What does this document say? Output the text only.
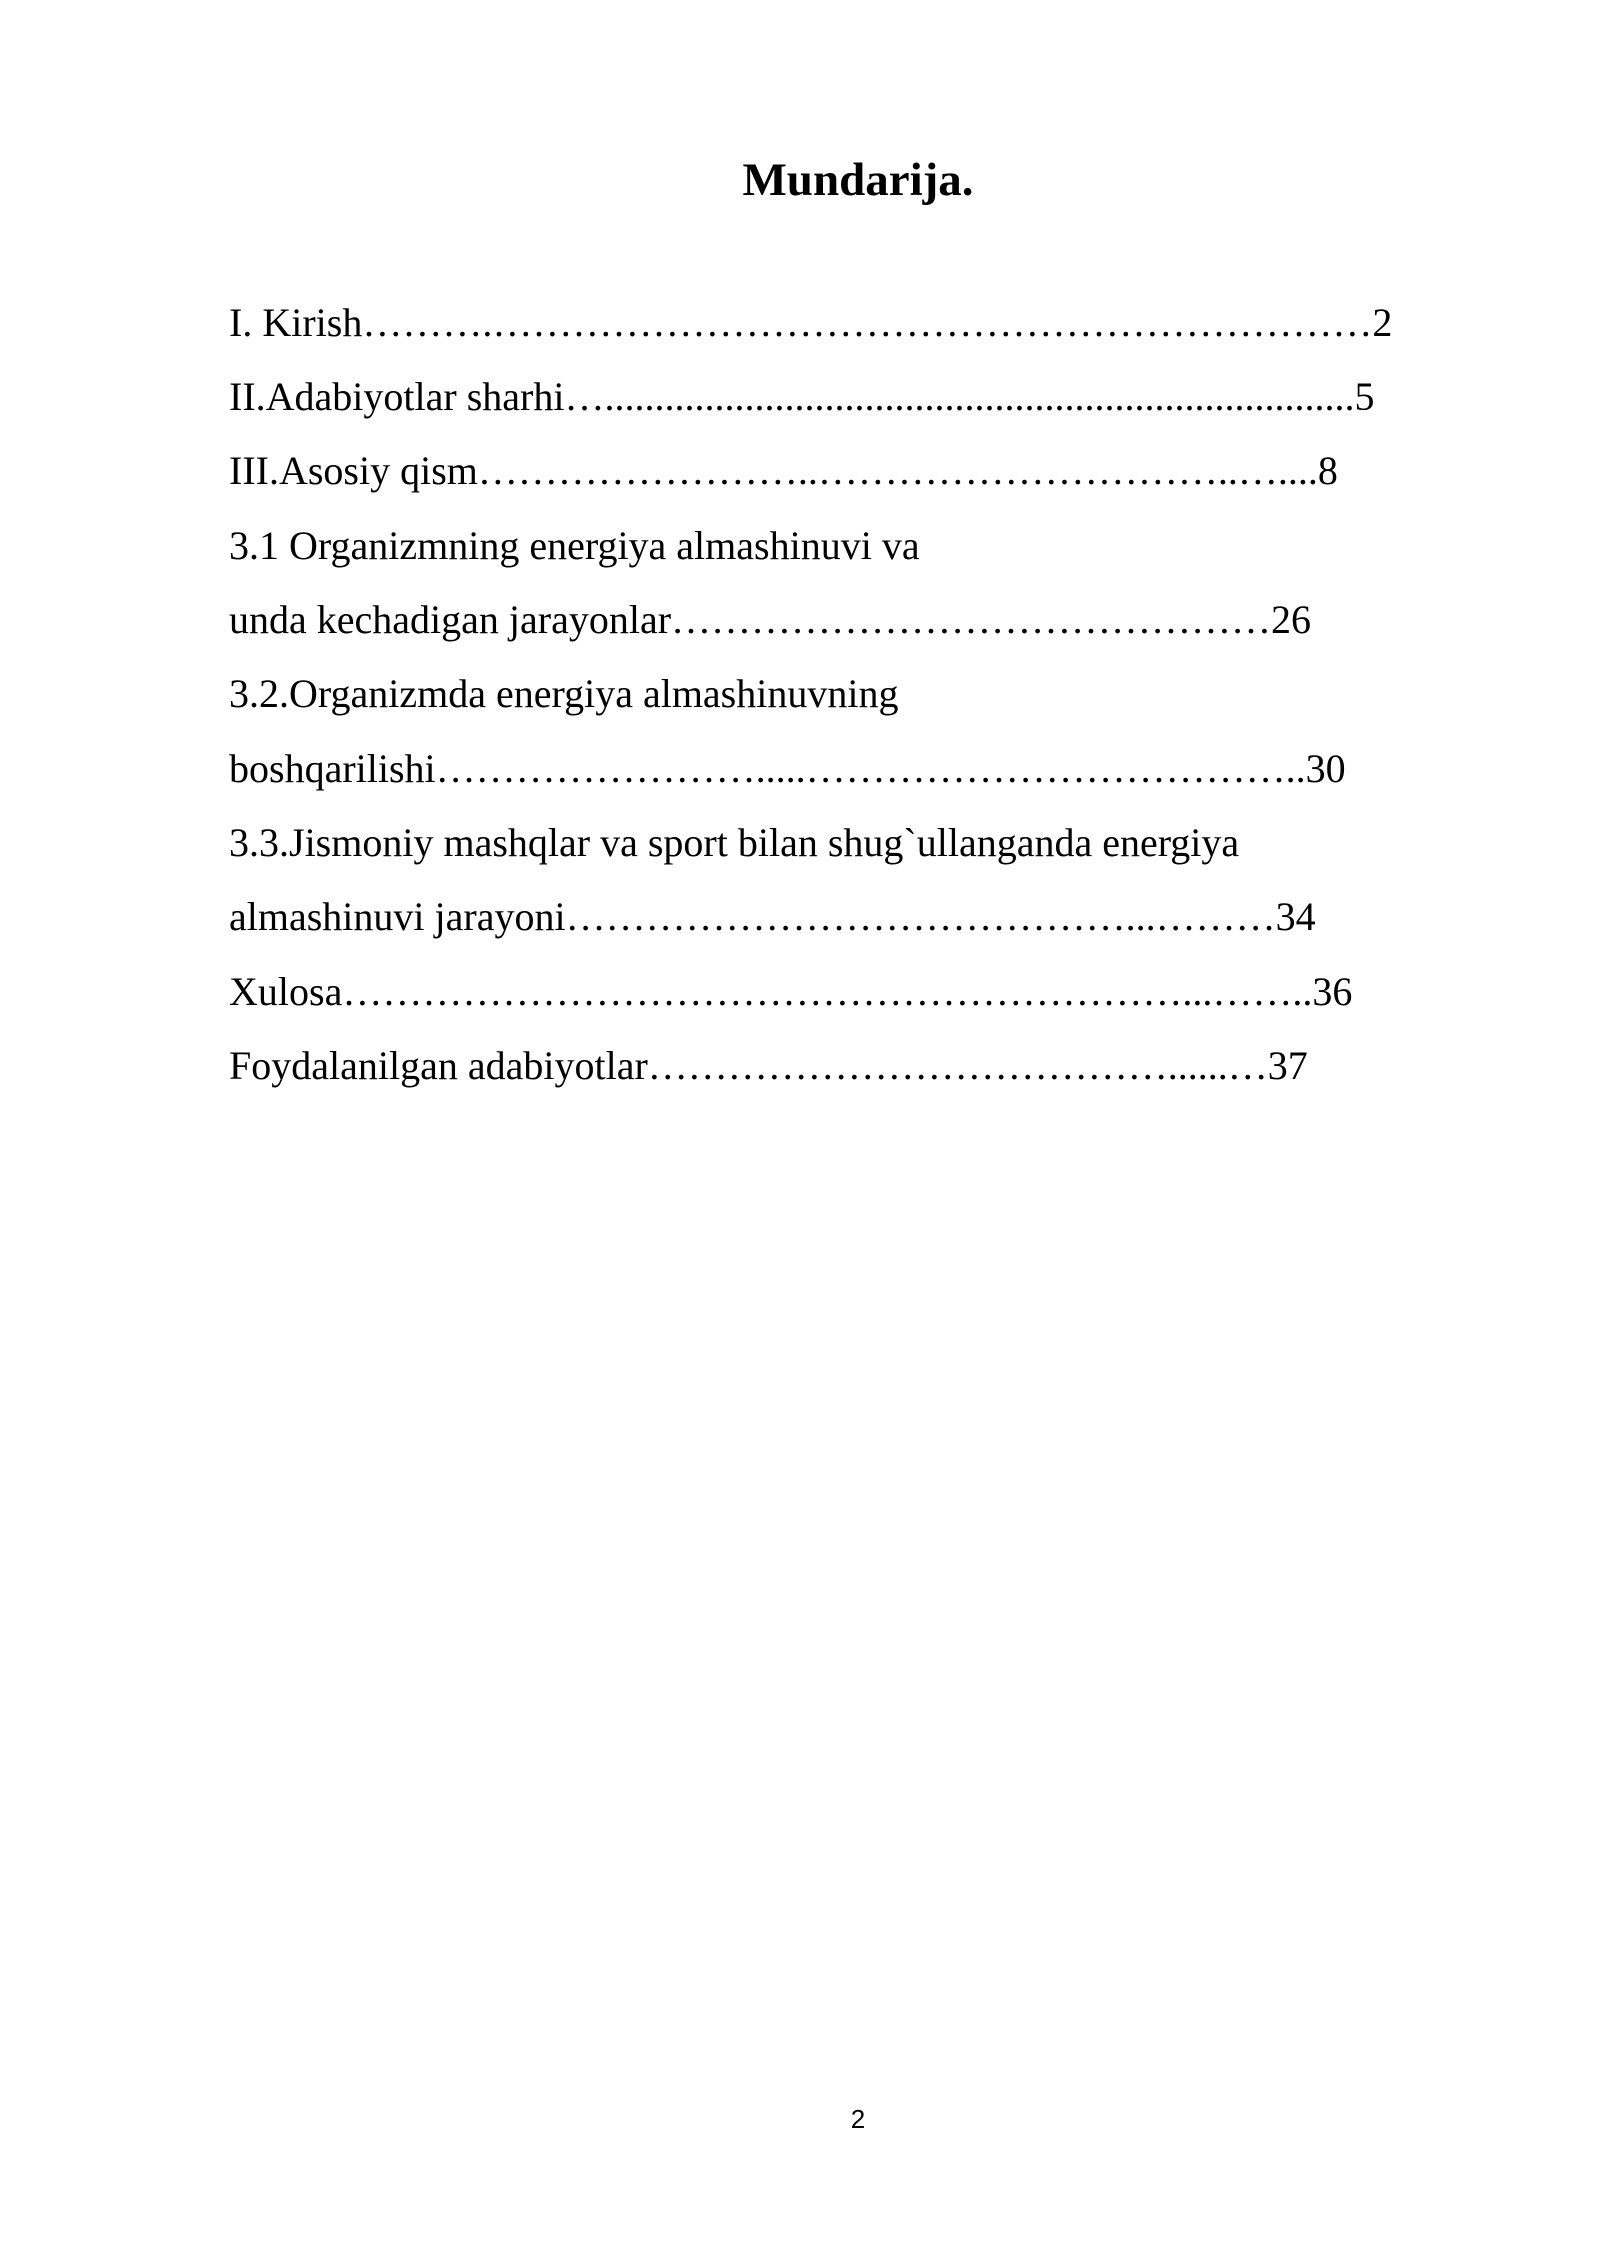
Mundarija.
I. Kirish……….…………………………………………………………2
II.Adabiyotlar sharhi…...........................................................................5
III.Asosiy qism……………………..…………………………..…....8
3.1 Organizmning energiya almashinuvi va
unda kechadigan jarayonlar………………………………………26
3.2.Organizmda energiya almashinuvning
boshqarilishi…………………….....………………………………..30
3.3.Jismoniy mashqlar va sport bilan shug`ullanganda energiya
almashinuvi jarayoni……………………………………...………34
Xulosa………………………………………………………...……..36
Foydalanilgan adabiyotlar…………………………………......…37
2
